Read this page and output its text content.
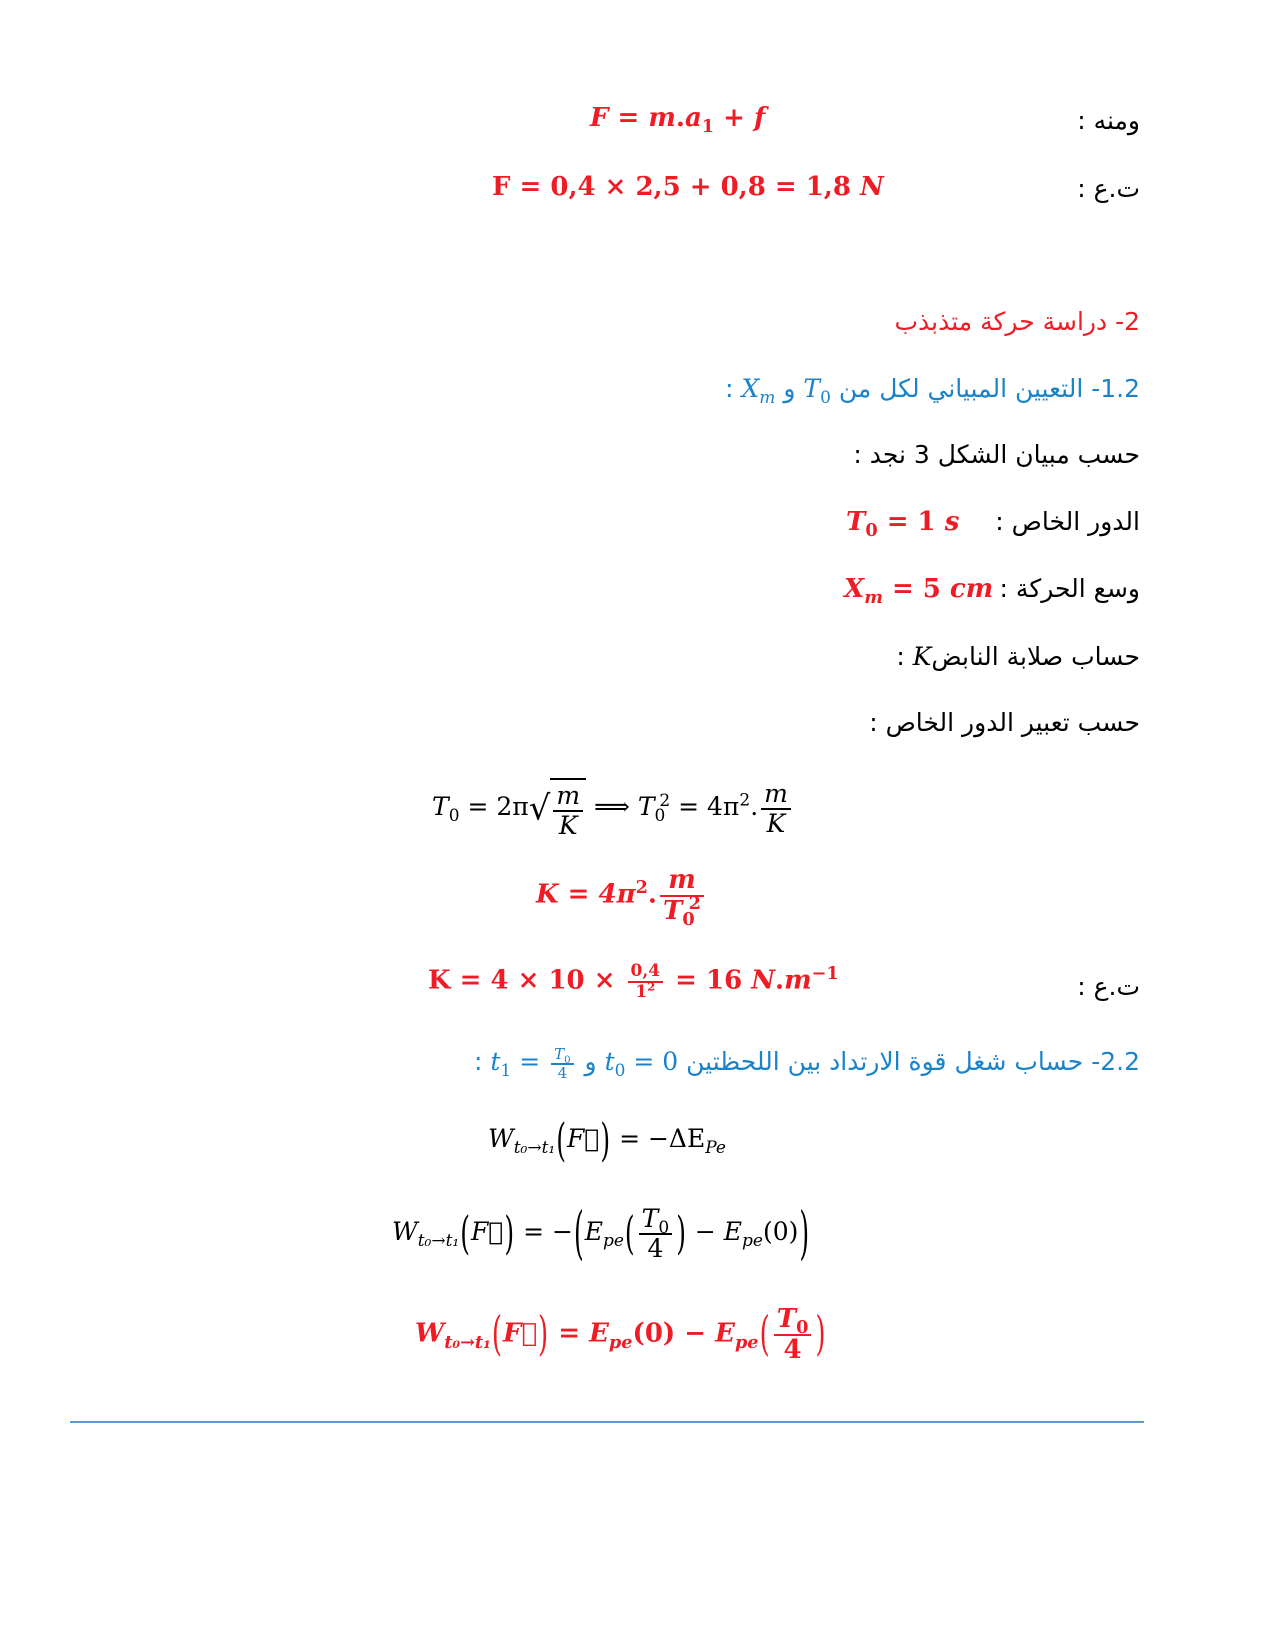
ومنه :
$F = m.a_1 + f$
ت.ع :
F = 0,4 × 2,5 + 0,8 = 1,8 N
2- دراسة حركة متذبذب
1.2- التعيين المبياني لكل من $T_0$ و $X_m$ :
حسب مبيان الشكل 3 نجد :
الدور الخاص :
$T_0 = 1$ s
وسع الحركة :
$X_m = 5$ cm
حساب صلابة النابضK :
حسب تعبير الدور الخاص :
$T_0 = 2\pi√ \frac{m}{K}$ ⟹ $T_0^2 = 4\pi^2$. $\frac{m}{K}$
$K = 4\pi^2$. $\frac{m}{T_0^2}$
ت.ع :
$K = 4 \times 10 \times \frac{0,4}{1^2} = 16$ $N.m^{-1}$
2.2- حساب شغل قوة الارتداد بين اللحظتين $t_0 = 0$ و $t_1 = \frac{T_0}{4}$
:
$W_{t_0\to t_1}(F⃗) = -\Delta E_{Pe}$
$W_{t_0\to t_1}(F⃗) = -(E_{pe}( \frac{T_0}{4}$ ) − $E_{pe}(0)$)
$W_{t_0\to t_1}(F⃗) = E_{pe}(0) - E_{pe}( \frac{T_0}{4}$ )
